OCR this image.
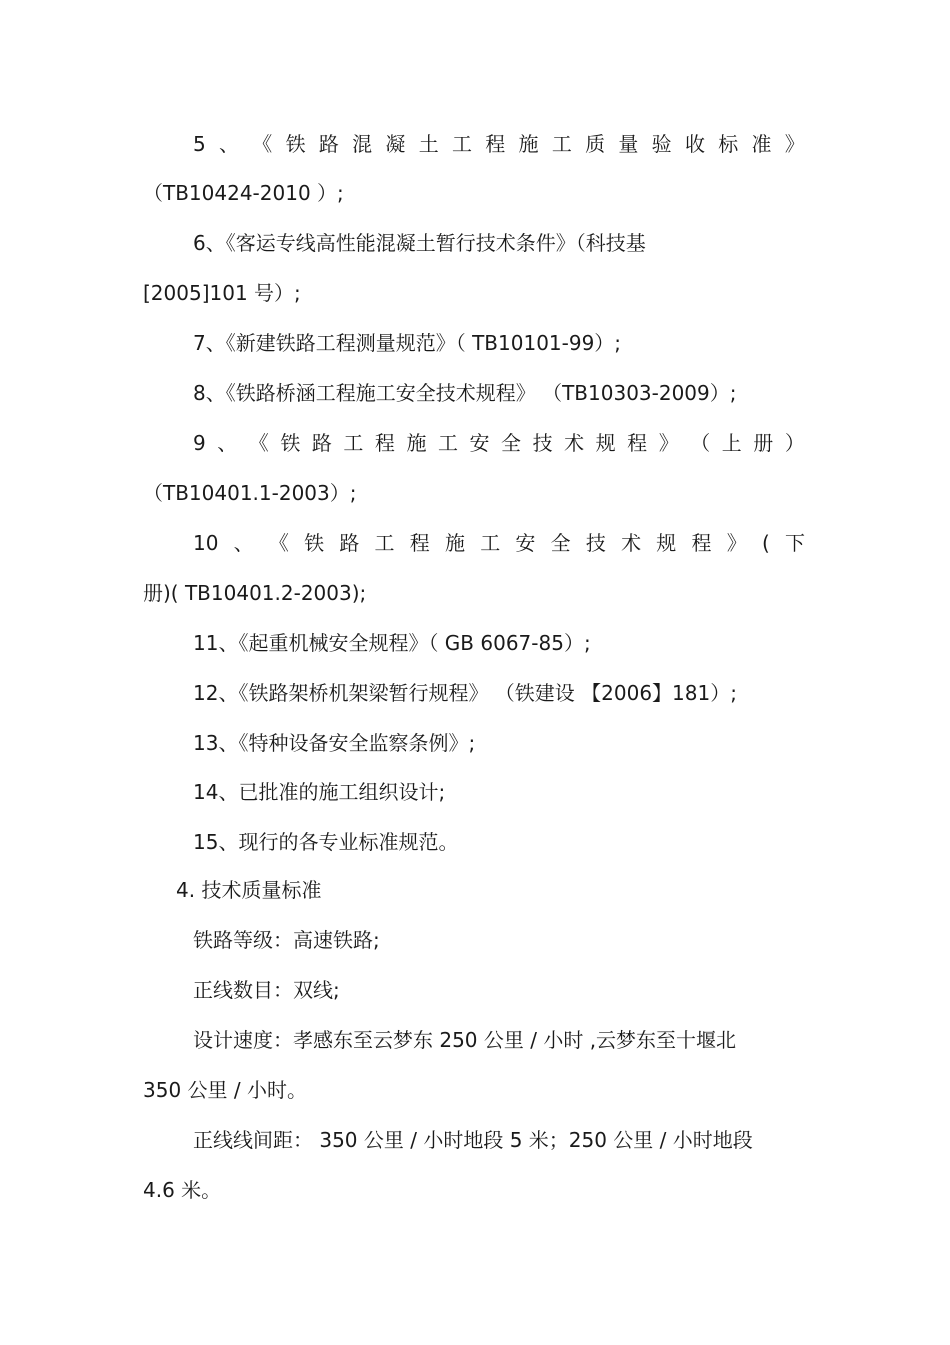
5 、 《 铁 路 混 凝 土 工 程 施 工 质 量 验 收 标 准 》
（TB10424-2010 ）;
6、《客运专线高性能混凝土暂行技术条件》（科技基
[2005]101 号）;
7、《新建铁路工程测量规范》（ TB10101-99）;
8、《铁路桥涵工程施工安全技术规程》 （TB10303-2009）;
9 、 《 铁 路 工 程 施 工 安 全 技 术 规 程 》 （ 上 册 ）
（TB10401.1-2003）;
10 、 《 铁 路 工 程 施 工 安 全 技 术 规 程 》 ( 下
册)( TB10401.2-2003);
11、《起重机械安全规程》（ GB 6067-85）;
12、《铁路架桥机架梁暂行规程》 （铁建设 【2006】181）;
13、《特种设备安全监察条例》;
14、已批准的施工组织设计;
15、现行的各专业标准规范。
4. 技术质量标准
铁路等级：高速铁路;
正线数目：双线;
设计速度：孝感东至云梦东 250 公里 / 小时 ,云梦东至十堰北
350 公里 / 小时。
正线线间距： 350 公里 / 小时地段 5 米；250 公里 / 小时地段
4.6 米。
